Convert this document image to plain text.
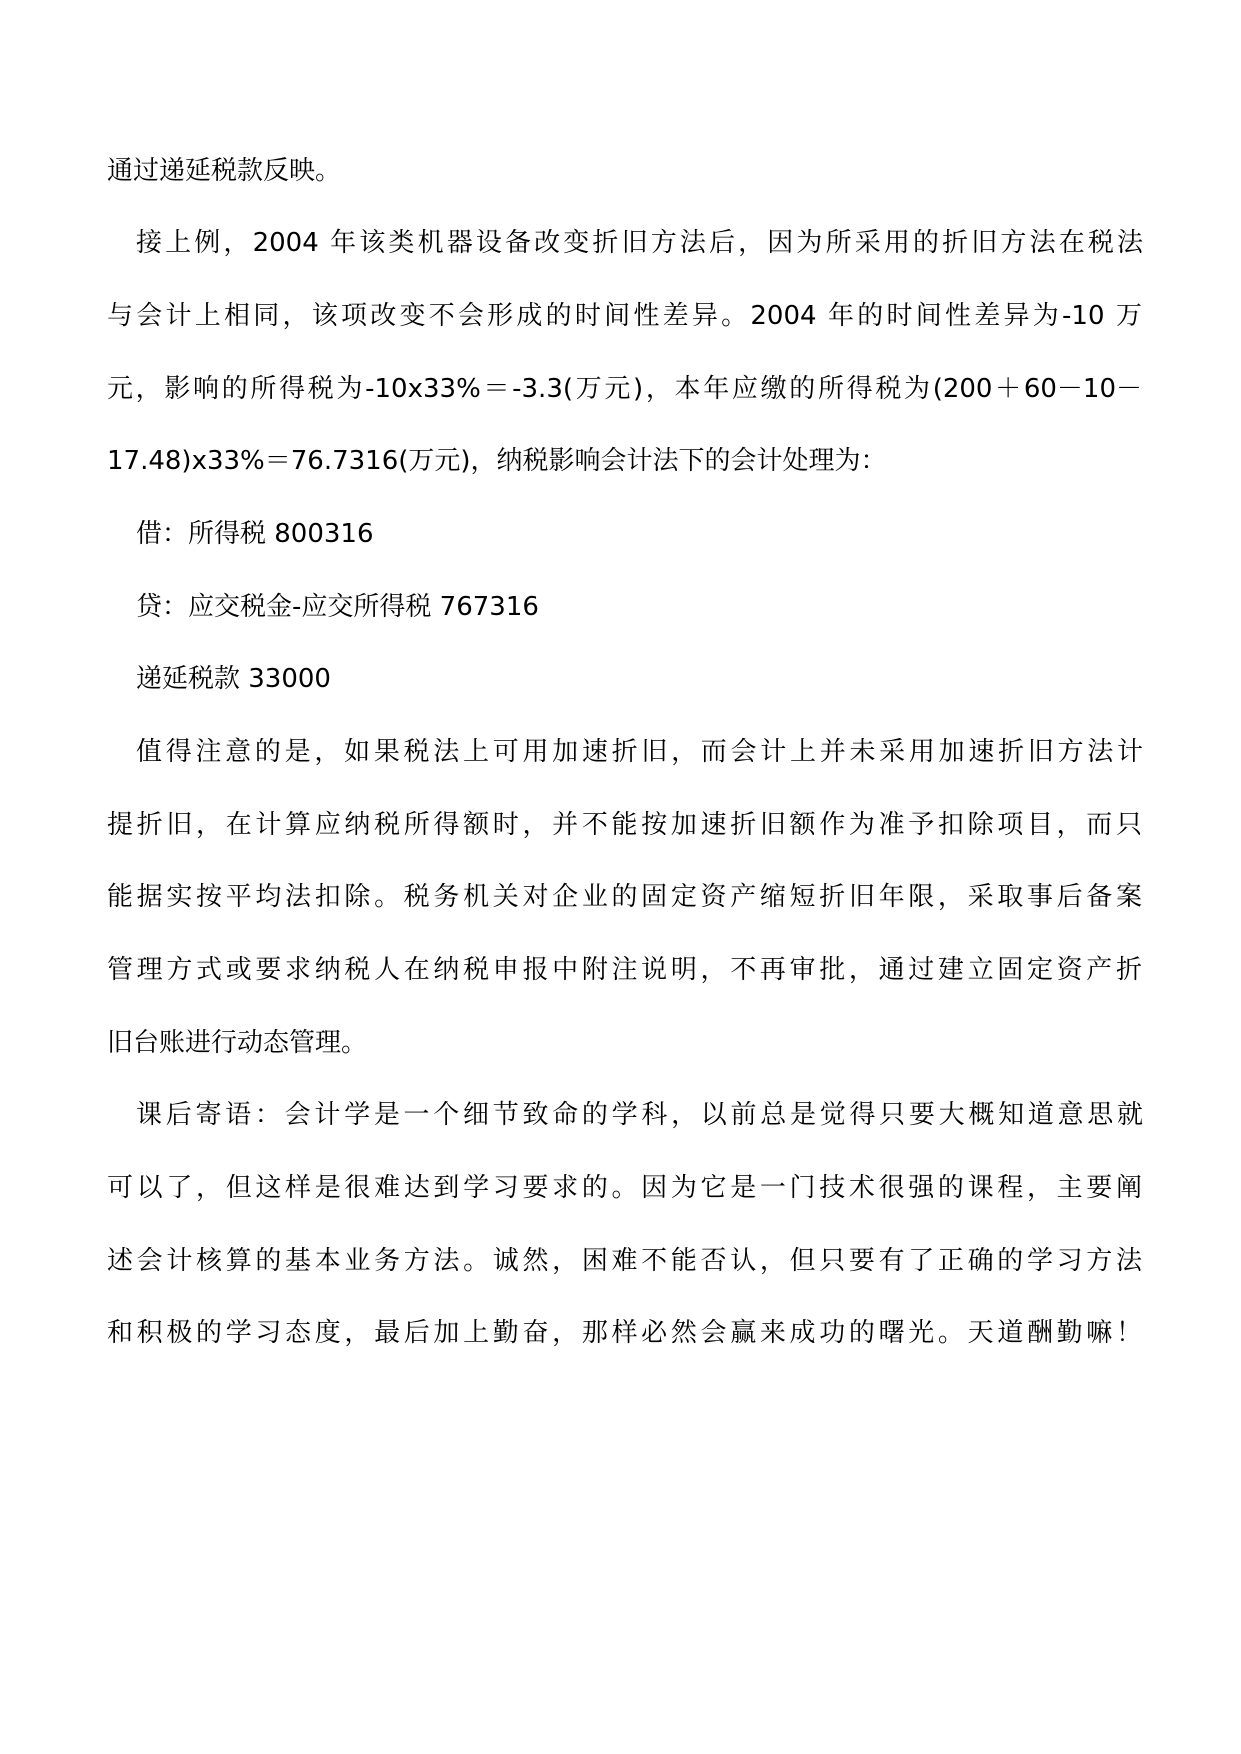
通过递延税款反映。

接上例，2004 年该类机器设备改变折旧方法后，因为所采用的折旧方法在税法

与会计上相同，该项改变不会形成的时间性差异。2004 年的时间性差异为-10 万

元，影响的所得税为-10x33%＝-3.3(万元)，本年应缴的所得税为(200＋60－10－

17.48)x33%＝76.7316(万元)，纳税影响会计法下的会计处理为：

借：所得税 800316

贷：应交税金-应交所得税 767316

递延税款 33000

值得注意的是，如果税法上可用加速折旧，而会计上并未采用加速折旧方法计

提折旧，在计算应纳税所得额时，并不能按加速折旧额作为准予扣除项目，而只

能据实按平均法扣除。税务机关对企业的固定资产缩短折旧年限，采取事后备案

管理方式或要求纳税人在纳税申报中附注说明，不再审批，通过建立固定资产折

旧台账进行动态管理。

课后寄语：会计学是一个细节致命的学科，以前总是觉得只要大概知道意思就

可以了，但这样是很难达到学习要求的。因为它是一门技术很强的课程，主要阐

述会计核算的基本业务方法。诚然，困难不能否认，但只要有了正确的学习方法

和积极的学习态度，最后加上勤奋，那样必然会赢来成功的曙光。天道酬勤嘛！
